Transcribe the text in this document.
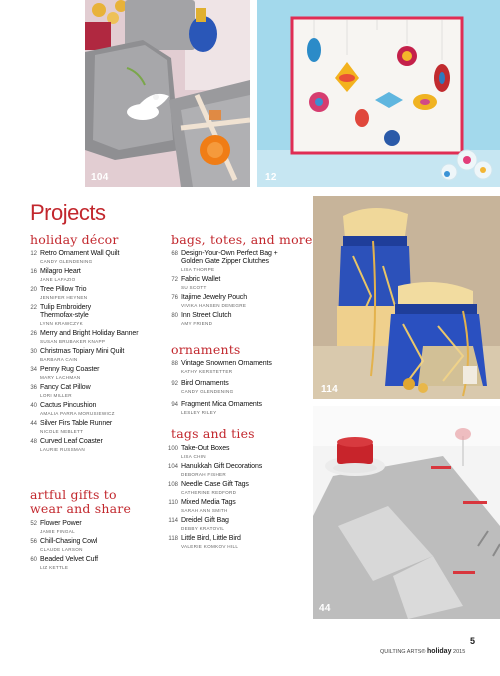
104	12
114
44
Projects
holiday décor
12 Retro Ornament Wall Quilt
CANDY GLENDENING
16 Milagro Heart
JANE LAFAZIO
20 Tree Pillow Trio
JENNIFER HEYNEN
22 Tulip Embroidery
Thermofax-style
LYNN KRAWCZYK
26 Merry and Bright Holiday Banner
SUSAN BRUBAKER KNAPP
30 Christmas Topiary Mini Quilt
BARBARA CAIN
34 Penny Rug Coaster
MARY LACHMAN
36 Fancy Cat Pillow
LORI MILLER
40 Cactus Pincushion
AMALIA PARRA MORUSIEWICZ
44 Silver Firs Table Runner
NICOLE NEBLETT
48 Curved Leaf Coaster
LAURIE RUSSMAN
artful gifts to
wear and share
52 Flower Power
JAMIE FINGAL
56 Chill-Chasing Cowl
CLAUDE LARSON
60 Beaded Velvet Cuff
LIZ KETTLE
bags, totes, and more
68 Design-Your-Own Perfect Bag +
Golden Gate Zipper Clutches
LISA THORPE
72 Fabric Wallet
SU SCOTT
76 Itajime Jewelry Pouch
VIVIKA HANSEN DENEGRE
80 Inn Street Clutch
AMY FRIEND
ornaments
88 Vintage Snowmen Ornaments
KATHY KERSTETTER
92 Bird Ornaments
CANDY GLENDENING
94 Fragment Mica Ornaments
LESLEY RILEY
tags and ties
100 Take-Out Boxes
LISA CHIN
104 Hanukkah Gift Decorations
DEBORAH FISHER
108 Needle Case Gift Tags
CATHERINE REDFORD
110 Mixed Media Tags
SARAH ANN SMITH
114 Dreidel Gift Bag
DEBBY KRATOVIL
118 Little Bird, Little Bird
VALERIE KOMKOV HILL
5
QUILTING ARTS® holiday 2015
